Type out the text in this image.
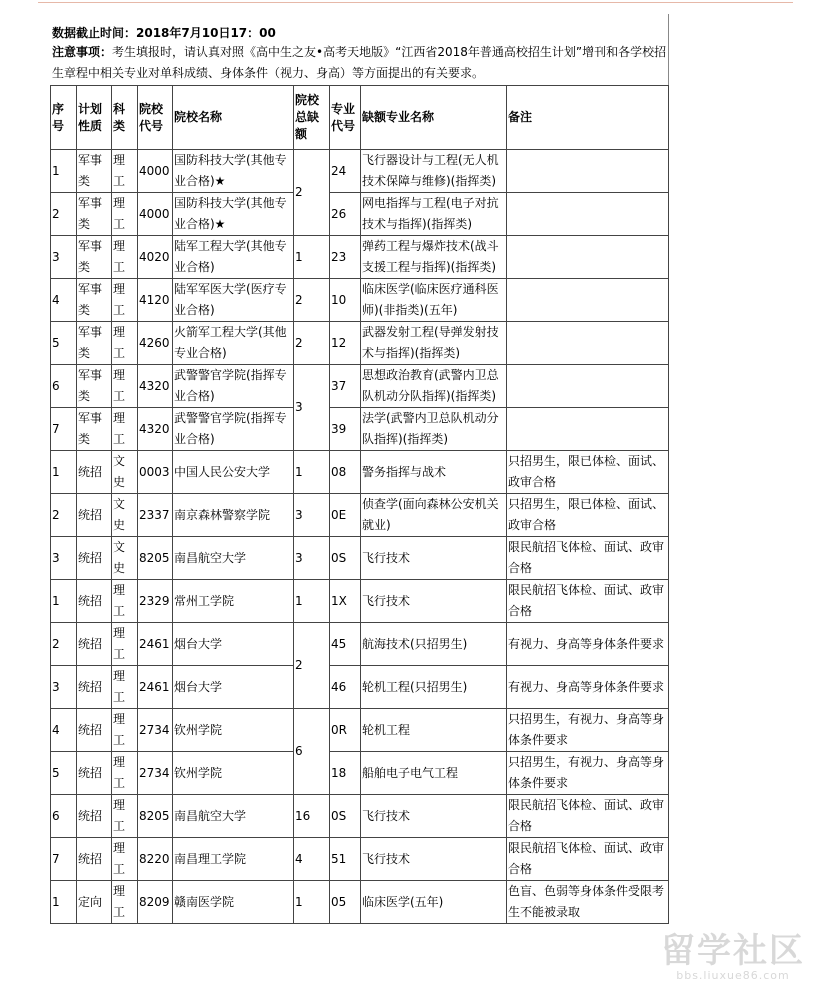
数据截止时间：2018年7月10日17：00
注意事项：考生填报时，请认真对照《高中生之友•高考天地版》“江西省2018年普通高校招生计划”增刊和各学校招生章程中相关专业对单科成绩、身体条件（视力、身高）等方面提出的有关要求。
序号	计划性质	科类	院校代号	院校名称	院校总缺额	专业代号	缺额专业名称	备注
1	军事类	理工	4000	国防科技大学(其他专业合格)★	2	24	飞行器设计与工程(无人机技术保障与维修)(指挥类)	
2	军事类	理工	4000	国防科技大学(其他专业合格)★		26	网电指挥与工程(电子对抗技术与指挥)(指挥类)	
3	军事类	理工	4020	陆军工程大学(其他专业合格)	1	23	弹药工程与爆炸技术(战斗支援工程与指挥)(指挥类)	
4	军事类	理工	4120	陆军军医大学(医疗专业合格)	2	10	临床医学(临床医疗通科医师)(非指类)(五年)	
5	军事类	理工	4260	火箭军工程大学(其他专业合格)	2	12	武器发射工程(导弹发射技术与指挥)(指挥类)	
6	军事类	理工	4320	武警警官学院(指挥专业合格)	3	37	思想政治教育(武警内卫总队机动分队指挥)(指挥类)	
7	军事类	理工	4320	武警警官学院(指挥专业合格)		39	法学(武警内卫总队机动分队指挥)(指挥类)	
1	统招	文史	0003	中国人民公安大学	1	08	警务指挥与战术	只招男生，限已体检、面试、政审合格
2	统招	文史	2337	南京森林警察学院	3	0E	侦查学(面向森林公安机关就业)	只招男生，限已体检、面试、政审合格
3	统招	文史	8205	南昌航空大学	3	0S	飞行技术	限民航招飞体检、面试、政审合格
1	统招	理工	2329	常州工学院	1	1X	飞行技术	限民航招飞体检、面试、政审合格
2	统招	理工	2461	烟台大学	2	45	航海技术(只招男生)	有视力、身高等身体条件要求
3	统招	理工	2461	烟台大学		46	轮机工程(只招男生)	有视力、身高等身体条件要求
4	统招	理工	2734	钦州学院	6	0R	轮机工程	只招男生，有视力、身高等身体条件要求
5	统招	理工	2734	钦州学院		18	船舶电子电气工程	只招男生，有视力、身高等身体条件要求
6	统招	理工	8205	南昌航空大学	16	0S	飞行技术	限民航招飞体检、面试、政审合格
7	统招	理工	8220	南昌理工学院	4	51	飞行技术	限民航招飞体检、面试、政审合格
1	定向	理工	8209	赣南医学院	1	05	临床医学(五年)	色盲、色弱等身体条件受限考生不能被录取
留学社区
bbs.liuxue86.com
